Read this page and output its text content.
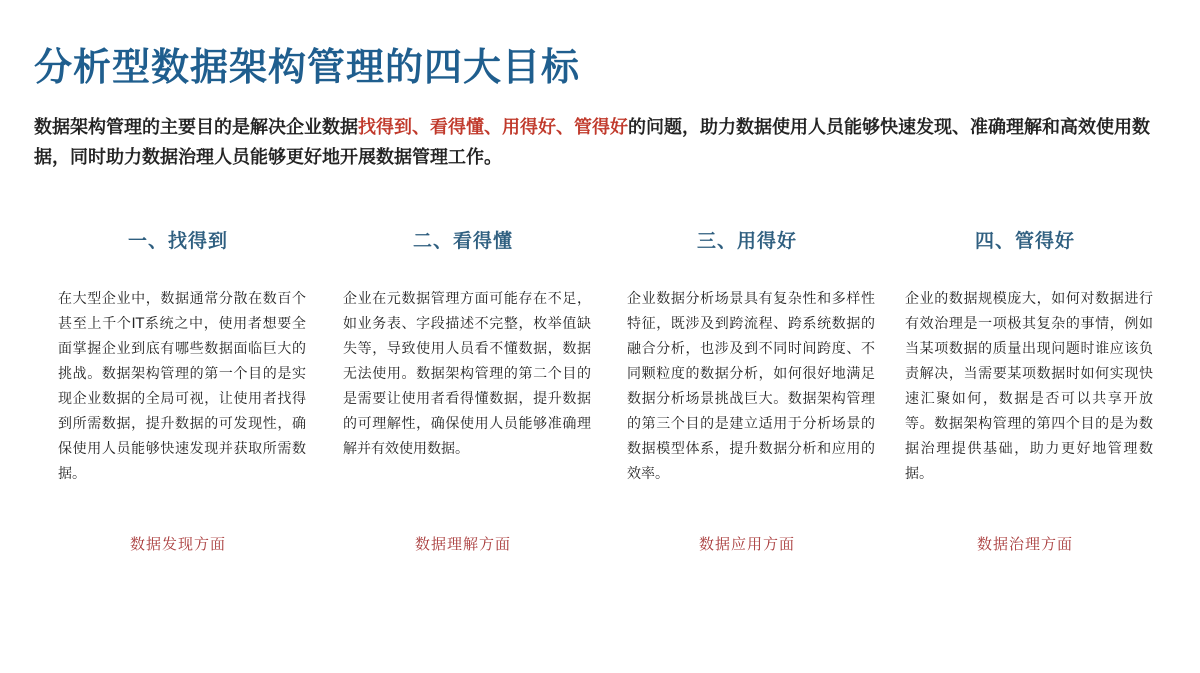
分析型数据架构管理的四大目标

数据架构管理的主要目的是解决企业数据找得到、看得懂、用得好、管得好的问题，助力数据使用人员能够快速发现、准确理解和高效使用数据，同时助力数据治理人员能够更好地开展数据管理工作。

一、找得到
在大型企业中，数据通常分散在数百个甚至上千个IT系统之中，使用者想要全面掌握企业到底有哪些数据面临巨大的挑战。数据架构管理的第一个目的是实现企业数据的全局可视，让使用者找得到所需数据，提升数据的可发现性，确保使用人员能够快速发现并获取所需数据。
数据发现方面
二、看得懂
企业在元数据管理方面可能存在不足，如业务表、字段描述不完整，枚举值缺失等，导致使用人员看不懂数据，数据无法使用。数据架构管理的第二个目的是需要让使用者看得懂数据，提升数据的可理解性，确保使用人员能够准确理解并有效使用数据。
数据理解方面
三、用得好
企业数据分析场景具有复杂性和多样性特征，既涉及到跨流程、跨系统数据的融合分析，也涉及到不同时间跨度、不同颗粒度的数据分析，如何很好地满足数据分析场景挑战巨大。数据架构管理的第三个目的是建立适用于分析场景的数据模型体系，提升数据分析和应用的效率。
数据应用方面
四、管得好
企业的数据规模庞大，如何对数据进行有效治理是一项极其复杂的事情，例如当某项数据的质量出现问题时谁应该负责解决，当需要某项数据时如何实现快速汇聚如何，数据是否可以共享开放等。数据架构管理的第四个目的是为数据治理提供基础，助力更好地管理数据。
数据治理方面
